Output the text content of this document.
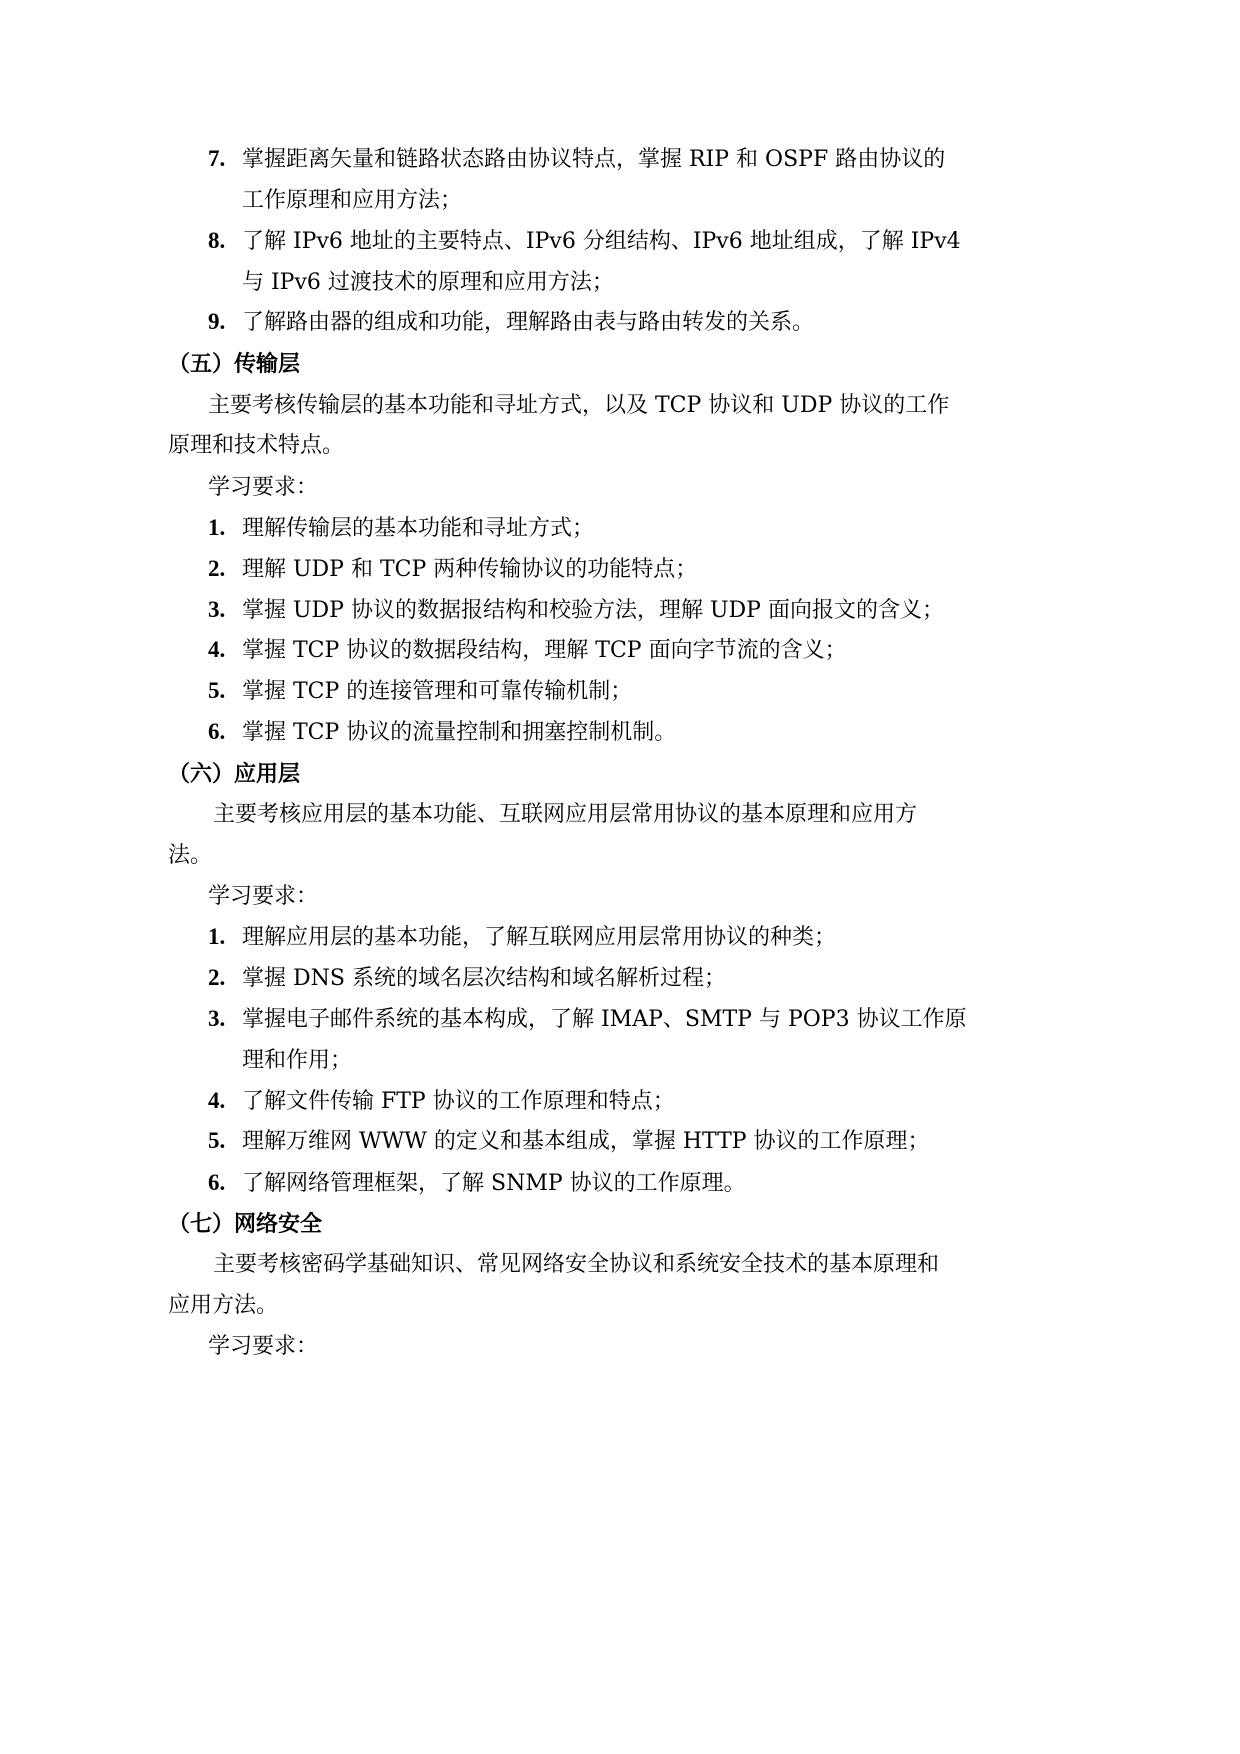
7. 掌握距离矢量和链路状态路由协议特点，掌握 RIP 和 OSPF 路由协议的
工作原理和应用方法；
8. 了解 IPv6 地址的主要特点、IPv6 分组结构、IPv6 地址组成，了解 IPv4
与 IPv6 过渡技术的原理和应用方法；
9. 了解路由器的组成和功能，理解路由表与路由转发的关系。
（五）传输层
主要考核传输层的基本功能和寻址方式，以及 TCP 协议和 UDP 协议的工作
原理和技术特点。
学习要求：
1. 理解传输层的基本功能和寻址方式；
2. 理解 UDP 和 TCP 两种传输协议的功能特点；
3. 掌握 UDP 协议的数据报结构和校验方法，理解 UDP 面向报文的含义；
4. 掌握 TCP 协议的数据段结构，理解 TCP 面向字节流的含义；
5. 掌握 TCP 的连接管理和可靠传输机制；
6. 掌握 TCP 协议的流量控制和拥塞控制机制。
（六）应用层
主要考核应用层的基本功能、互联网应用层常用协议的基本原理和应用方
法。
学习要求：
1. 理解应用层的基本功能，了解互联网应用层常用协议的种类；
2. 掌握 DNS 系统的域名层次结构和域名解析过程；
3. 掌握电子邮件系统的基本构成，了解 IMAP、SMTP 与 POP3 协议工作原
理和作用；
4. 了解文件传输 FTP 协议的工作原理和特点；
5. 理解万维网 WWW 的定义和基本组成，掌握 HTTP 协议的工作原理；
6. 了解网络管理框架，了解 SNMP 协议的工作原理。
（七）网络安全
主要考核密码学基础知识、常见网络安全协议和系统安全技术的基本原理和
应用方法。
学习要求：
